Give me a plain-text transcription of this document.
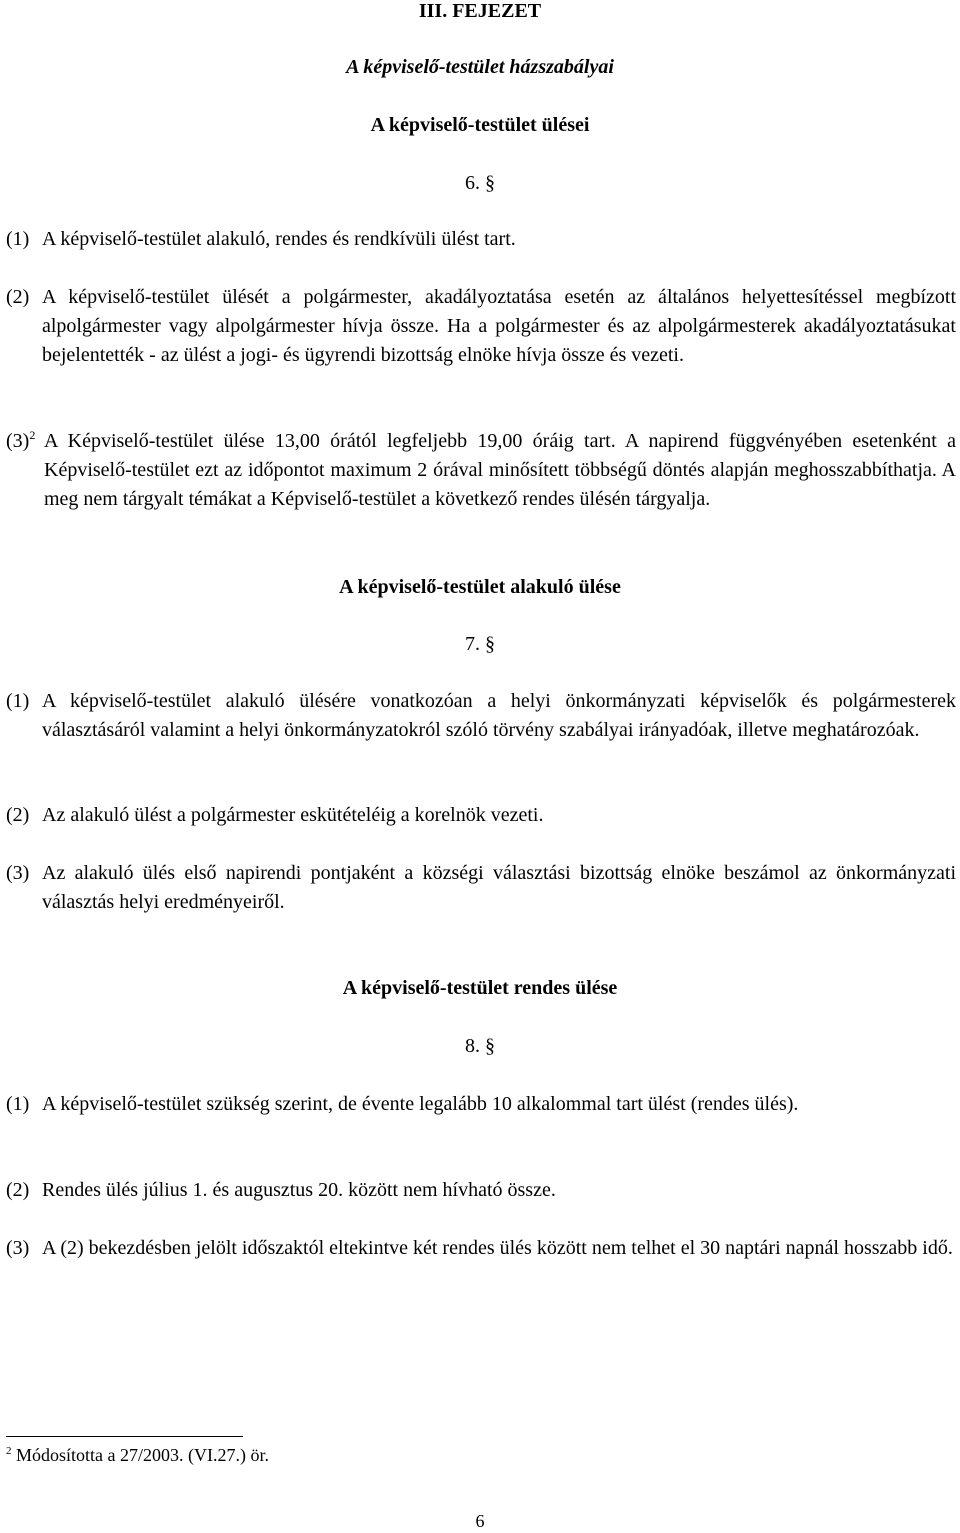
III. FEJEZET
A képviselő-testület házszabályai
A képviselő-testület ülései
6. §
(1) A képviselő-testület alakuló, rendes és rendkívüli ülést tart.
(2) A képviselő-testület ülését a polgármester, akadályoztatása esetén az általános helyettesítéssel megbízott alpolgármester vagy alpolgármester hívja össze. Ha a polgármester és az alpolgármesterek akadályoztatásukat bejelentették - az ülést a jogi- és ügyrendi bizottság elnöke hívja össze és vezeti.
$(3)^2$ A Képviselő-testület ülése 13,00 órától legfeljebb 19,00 óráig tart. A napirend függvényében esetenként a Képviselő-testület ezt az időpontot maximum 2 órával minősített többségű döntés alapján meghosszabbíthatja. A meg nem tárgyalt témákat a Képviselő-testület a következő rendes ülésén tárgyalja.
A képviselő-testület alakuló ülése
7. §
(1) A képviselő-testület alakuló ülésére vonatkozóan a helyi önkormányzati képviselők és polgármesterek választásáról valamint a helyi önkormányzatokról szóló törvény szabályai irányadóak, illetve meghatározóak.
(2) Az alakuló ülést a polgármester eskütételéig a korelnök vezeti.
(3) Az alakuló ülés első napirendi pontjaként a községi választási bizottság elnöke beszámol az önkormányzati választás helyi eredményeiről.
A képviselő-testület rendes ülése
8. §
(1) A képviselő-testület szükség szerint, de évente legalább 10 alkalommal tart ülést (rendes ülés).
(2) Rendes ülés július 1. és augusztus 20. között nem hívható össze.
(3) A (2) bekezdésben jelölt időszaktól eltekintve két rendes ülés között nem telhet el 30 naptári napnál hosszabb idő.
$^2$ Módosította a 27/2003. (VI.27.) ör.
6
